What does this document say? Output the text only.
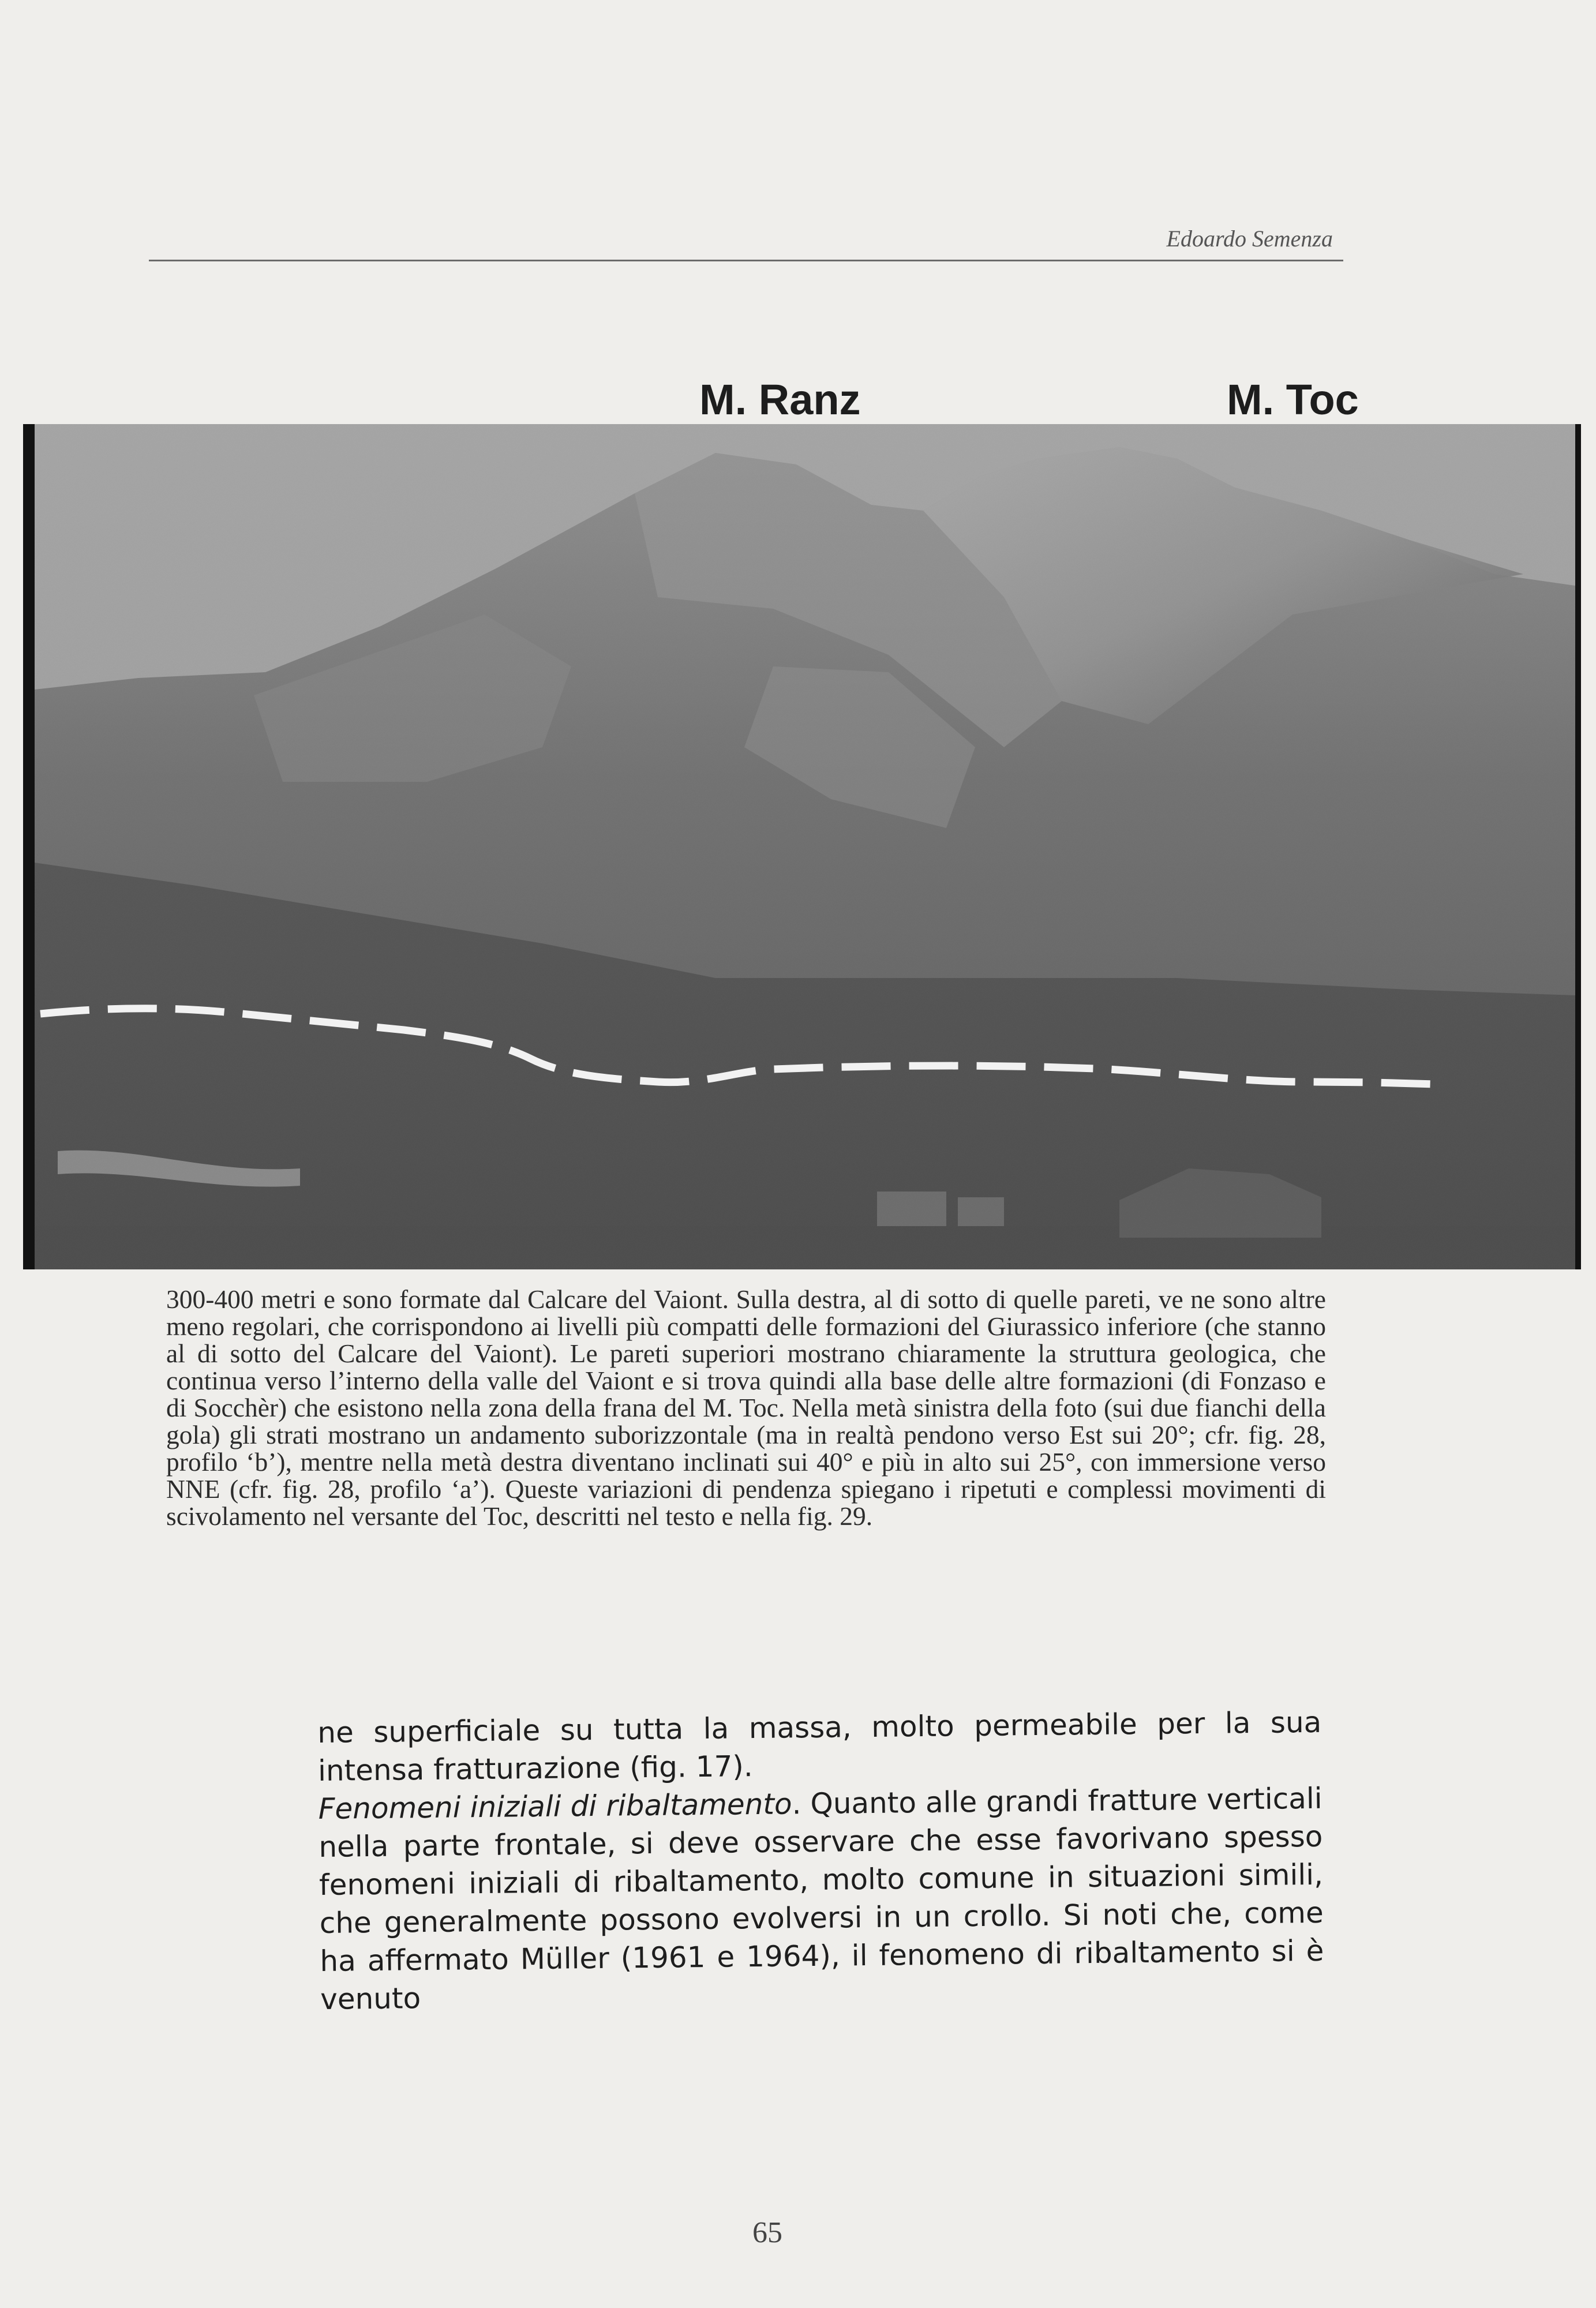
Edoardo Semenza
M. Ranz	M. Toc

300-400 metri e sono formate dal Calcare del Vaiont. Sulla destra, al di sotto di quelle pareti, ve ne sono altre meno regolari, che corrispondono ai livelli più compatti delle formazioni del Giurassico inferiore (che stanno al di sotto del Calcare del Vaiont). Le pareti superiori mostrano chiaramente la struttura geologica, che continua verso l’interno della valle del Vaiont e si trova quindi alla base delle altre formazioni (di Fonzaso e di Socchèr) che esistono nella zona della frana del M. Toc. Nella metà sinistra della foto (sui due fianchi della gola) gli strati mostrano un andamento suborizzontale (ma in realtà pendono verso Est sui 20°; cfr. fig. 28, profilo ‘b’), mentre nella metà destra diventano inclinati sui 40° e più in alto sui 25°, con immersione verso NNE (cfr. fig. 28, profilo ‘a’). Queste variazioni di pendenza spiegano i ripetuti e complessi movimenti di scivolamento nel versante del Toc, descritti nel testo e nella fig. 29.

ne superficiale su tutta la massa, molto permeabile per la sua intensa fratturazione (fig. 17).
Fenomeni iniziali di ribaltamento. Quanto alle grandi fratture verticali nella parte frontale, si deve osservare che esse favorivano spesso fenomeni iniziali di ribaltamento, molto comune in situazioni simili, che generalmente possono evolversi in un crollo. Si noti che, come ha affermato Müller (1961 e 1964), il fenomeno di ribaltamento si è venuto

65
